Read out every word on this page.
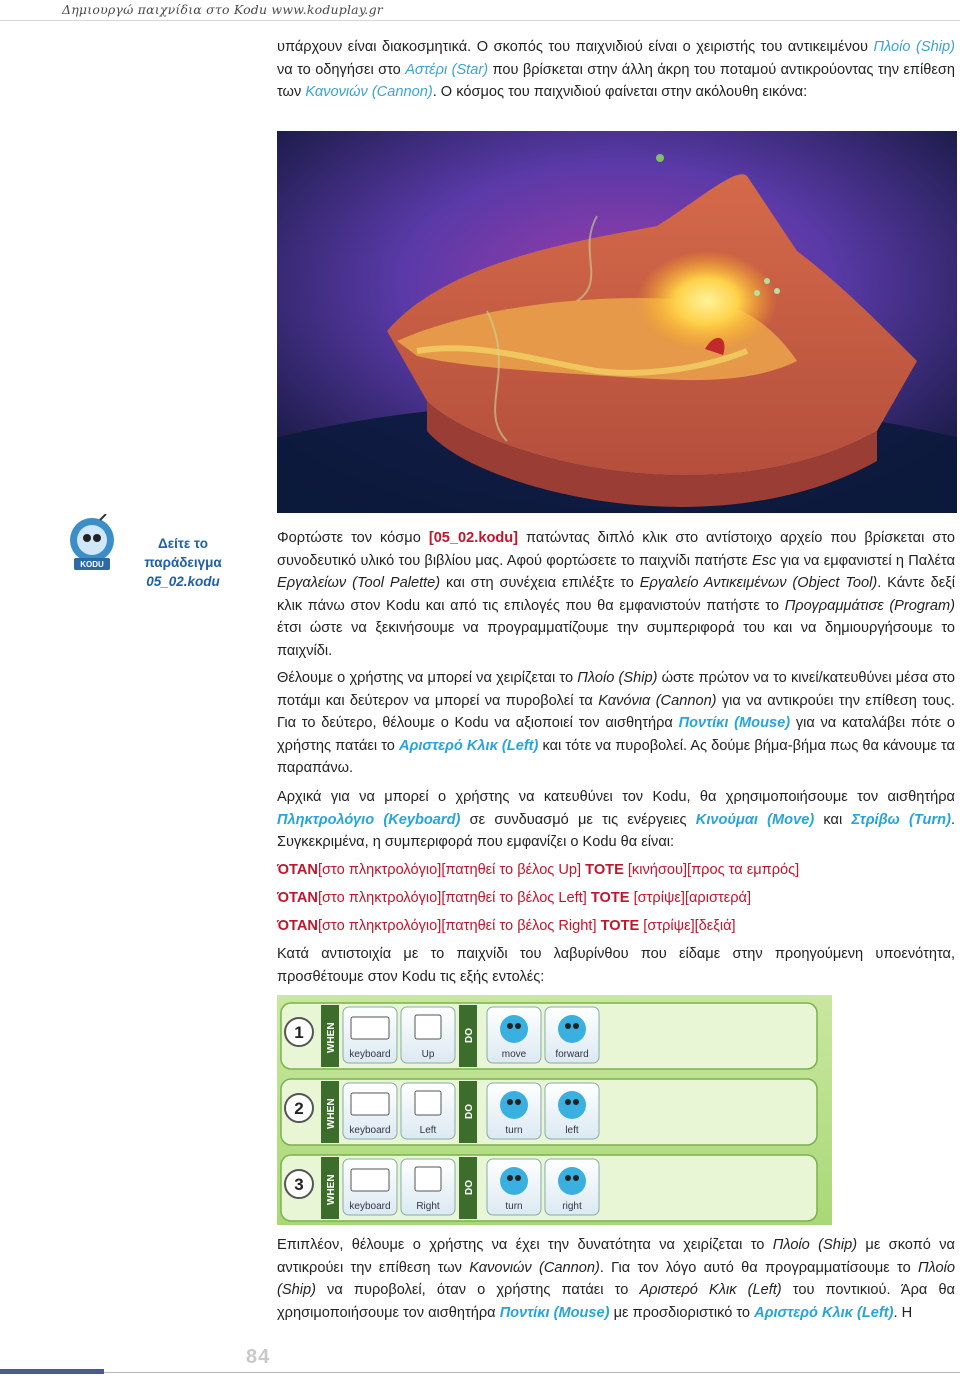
Δημιουργώ παιχνίδια στο Kodu www.koduplay.gr

υπάρχουν είναι διακοσμητικά. Ο σκοπός του παιχνιδιού είναι ο χειριστής του αντικειμένου Πλοίο (Ship) να το οδηγήσει στο Αστέρι (Star) που βρίσκεται στην άλλη άκρη του ποταμού αντικρούοντας την επίθεση των Κανονιών (Cannon). Ο κόσμος του παιχνιδιού φαίνεται στην ακόλουθη εικόνα:

KODU
Δείτε το παράδειγμα
05_02.kodu

Φορτώστε τον κόσμο [05_02.kodu] πατώντας διπλό κλικ στο αντίστοιχο αρχείο που βρίσκεται στο συνοδευτικό υλικό του βιβλίου μας. Αφού φορτώσετε το παιχνίδι πατήστε Esc για να εμφανιστεί η Παλέτα Εργαλείων (Tool Palette) και στη συνέχεια επιλέξτε το Εργαλείο Αντικειμένων (Object Tool). Κάντε δεξί κλικ πάνω στον Kodu και από τις επιλογές που θα εμφανιστούν πατήστε το Προγραμμάτισε (Program) έτσι ώστε να ξεκινήσουμε να προγραμματίζουμε την συμπεριφορά του και να δημιουργήσουμε το παιχνίδι.

Θέλουμε ο χρήστης να μπορεί να χειρίζεται το Πλοίο (Ship) ώστε πρώτον να το κινεί/κατευθύνει μέσα στο ποτάμι και δεύτερον να μπορεί να πυροβολεί τα Κανόνια (Cannon) για να αντικρούει την επίθεση τους. Για το δεύτερο, θέλουμε ο Kodu να αξιοποιεί τον αισθητήρα Ποντίκι (Mouse) για να καταλάβει πότε ο χρήστης πατάει το Αριστερό Κλικ (Left) και τότε να πυροβολεί. Ας δούμε βήμα-βήμα πως θα κάνουμε τα παραπάνω.

Αρχικά για να μπορεί ο χρήστης να κατευθύνει τον Kodu, θα χρησιμοποιήσουμε τον αισθητήρα Πληκτρολόγιο (Keyboard) σε συνδυασμό με τις ενέργειες Κινούμαι (Move) και Στρίβω (Turn). Συγκεκριμένα, η συμπεριφορά που εμφανίζει ο Kodu θα είναι:

ΌΤΑΝ[στο πληκτρολόγιο][πατηθεί το βέλος Up] ΤΟΤΕ [κινήσου][προς τα εμπρός]
ΌΤΑΝ[στο πληκτρολόγιο][πατηθεί το βέλος Left] ΤΟΤΕ [στρίψε][αριστερά]
ΌΤΑΝ[στο πληκτρολόγιο][πατηθεί το βέλος Right] ΤΟΤΕ [στρίψε][δεξιά]

Κατά αντιστοιχία με το παιχνίδι του λαβυρίνθου που είδαμε στην προηγούμενη υποενότητα, προσθέτουμε στον Kodu τις εξής εντολές:

1 WHEN
keyboard	Up
DO
move	forward
2 WHEN
keyboard	Left
DO
turn	left
3 WHEN
keyboard	Right
DO
turn	right

Επιπλέον, θέλουμε ο χρήστης να έχει την δυνατότητα να χειρίζεται το Πλοίο (Ship) με σκοπό να αντικρούει την επίθεση των Κανονιών (Cannon). Για τον λόγο αυτό θα προγραμματίσουμε το Πλοίο (Ship) να πυροβολεί, όταν ο χρήστης πατάει το Αριστερό Κλικ (Left) του ποντικιού. Άρα θα χρησιμοποιήσουμε τον αισθητήρα Ποντίκι (Mouse) με προσδιοριστικό το Αριστερό Κλικ (Left). Η

84
